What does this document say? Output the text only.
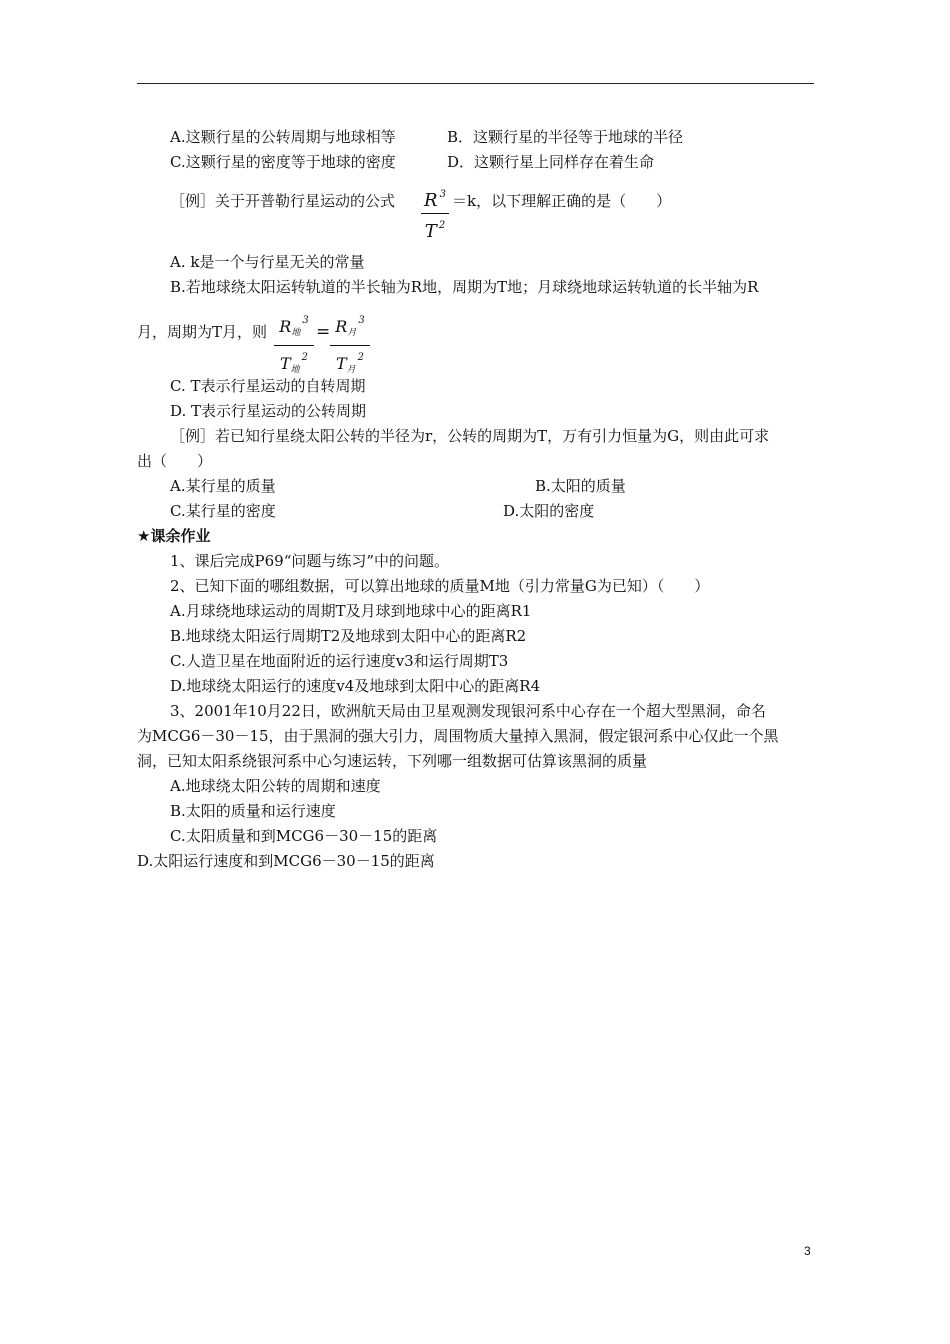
A.这颗行星的公转周期与地球相等	B．这颗行星的半径等于地球的半径
C.这颗行星的密度等于地球的密度	D．这颗行星上同样存在着生命
［例］关于开普勒行星运动的公式 R $^3$
T $^2$
＝k，以下理解正确的是（　　）
A. k是一个与行星无关的常量
B.若地球绕太阳运转轨道的半长轴为R地，周期为T地；月球绕地球运转轨道的长半轴为R
月，周期为T月，则 $R_地^3$
$T_地^2$
= $R_月^3$
$T_月^2$
C. T表示行星运动的自转周期
D. T表示行星运动的公转周期
［例］若已知行星绕太阳公转的半径为r，公转的周期为T，万有引力恒量为G，则由此可求
出（　　）
A.某行星的质量	B.太阳的质量
C.某行星的密度	D.太阳的密度
★课余作业
1、课后完成P69“问题与练习”中的问题。
2、已知下面的哪组数据，可以算出地球的质量M地（引力常量G为已知）（　　）
A.月球绕地球运动的周期T及月球到地球中心的距离R1
B.地球绕太阳运行周期T2及地球到太阳中心的距离R2
C.人造卫星在地面附近的运行速度v3和运行周期T3
D.地球绕太阳运行的速度v4及地球到太阳中心的距离R4
3、2001年10月22日，欧洲航天局由卫星观测发现银河系中心存在一个超大型黑洞，命名
为MCG6－30－15，由于黑洞的强大引力，周围物质大量掉入黑洞，假定银河系中心仅此一个黑
洞，已知太阳系绕银河系中心匀速运转，下列哪一组数据可估算该黑洞的质量
A.地球绕太阳公转的周期和速度
B.太阳的质量和运行速度
C.太阳质量和到MCG6－30－15的距离
D.太阳运行速度和到MCG6－30－15的距离
3
